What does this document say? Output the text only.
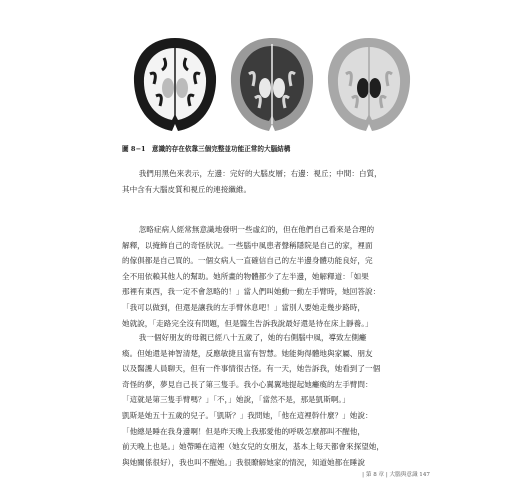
圖 8−1 意識的存在依靠三個完整並功能正常的大腦結構
我們用黑色來表示，左邊：完好的大腦皮層；右邊：視丘；中間：白質，
其中含有大腦皮質和視丘的連接纖維。
忽略症病人經常無意識地發明一些虛幻的，但在他們自己看來是合理的
解釋，以掩飾自己的奇怪狀況。一些腦中風患者聲稱隱院是自己的家，裡面
的傢俱都是自己買的。一個女病人一直確信自己的左半邊身體功能良好，完
全不用依賴其他人的幫助。她所畫的物體都少了左半邊，她解釋道：「如果
那裡有東西，我一定不會忽略的！」當人們叫她動一動左手臂時，她回答說：
「我可以做到，但還是讓我的左手臂休息吧！」當別人要她走幾步路時，
她就說，「走路完全沒有問題，但是醫生告訴我說最好還是待在床上靜養。」
我一個好朋友的母親已經八十五歲了，她的右側腦中風，導致左側癱
瘓。但她還是神智清楚，反應敏捷且富有智慧。她能夠得體地與家屬、朋友
以及醫護人員聊天，但有一件事情很古怪。有一天，她告訴我，她看到了一個
奇怪的夢，夢見自己長了第三隻手。我小心翼翼地提起她癱瘓的左手臂問：
「這就是第三隻手臂嗎？」「不，」她說，「當然不是，那是凱斯啊。」
凱斯是她五十五歲的兒子。「凱斯？」我問她，「他在這裡幹什麼？」她說：
「他總是睡在我身邊啊！但是昨天晚上我那愛他的呼吸怎麼都叫不醒他，
前天晚上也是。」她帶睡在這裡（她女兒的女朋友，基本上每天都會來探望她，
與她關係很好），我也叫不醒她。」我很瞭解她家的情況，知道她都在睡說
| 第 8 章 | 大腦與意識 147
